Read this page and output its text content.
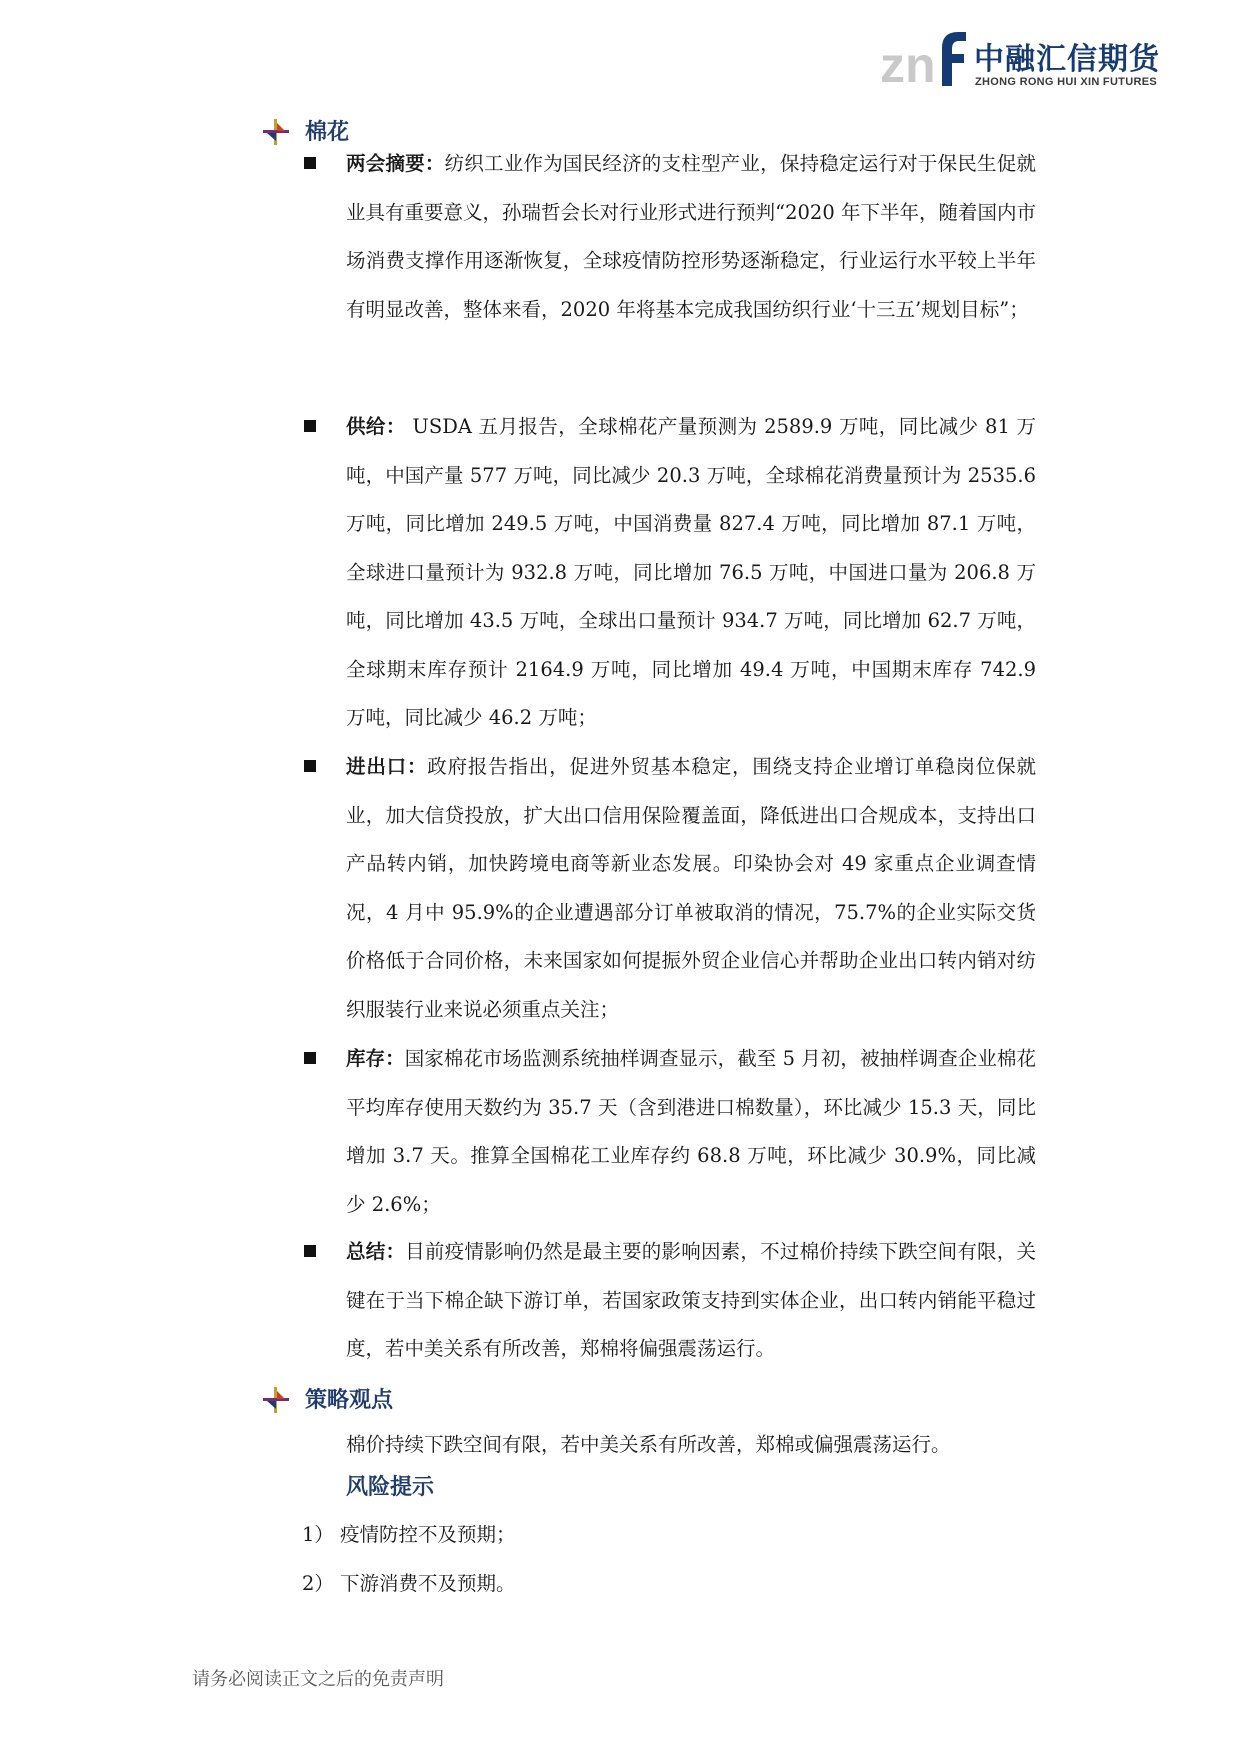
zn 中融汇信期货
ZHONG RONG HUI XIN FUTURES
棉花

两会摘要：纺织工业作为国民经济的支柱型产业，保持稳定运行对于保民生促就业具有重要意义，孙瑞哲会长对行业形式进行预判“2020 年下半年，随着国内市场消费支撑作用逐渐恢复，全球疫情防控形势逐渐稳定，行业运行水平较上半年有明显改善，整体来看，2020 年将基本完成我国纺织行业‘十三五’规划目标”；

供给： USDA 五月报告，全球棉花产量预测为 2589.9 万吨，同比减少 81 万吨，中国产量 577 万吨，同比减少 20.3 万吨，全球棉花消费量预计为 2535.6 万吨，同比增加 249.5 万吨，中国消费量 827.4 万吨，同比增加 87.1 万吨，全球进口量预计为 932.8 万吨，同比增加 76.5 万吨，中国进口量为 206.8 万吨，同比增加 43.5 万吨，全球出口量预计 934.7 万吨，同比增加 62.7 万吨，全球期末库存预计 2164.9 万吨，同比增加 49.4 万吨，中国期末库存 742.9 万吨，同比减少 46.2 万吨；

进出口：政府报告指出，促进外贸基本稳定，围绕支持企业增订单稳岗位保就业，加大信贷投放，扩大出口信用保险覆盖面，降低进出口合规成本，支持出口产品转内销，加快跨境电商等新业态发展。印染协会对 49 家重点企业调查情况，4 月中 95.9%的企业遭遇部分订单被取消的情况，75.7%的企业实际交货价格低于合同价格，未来国家如何提振外贸企业信心并帮助企业出口转内销对纺织服装行业来说必须重点关注；

库存：国家棉花市场监测系统抽样调查显示，截至 5 月初，被抽样调查企业棉花平均库存使用天数约为 35.7 天（含到港进口棉数量），环比减少 15.3 天，同比增加 3.7 天。推算全国棉花工业库存约 68.8 万吨，环比减少 30.9%，同比减少 2.6%；

总结：目前疫情影响仍然是最主要的影响因素，不过棉价持续下跌空间有限，关键在于当下棉企缺下游订单，若国家政策支持到实体企业，出口转内销能平稳过度，若中美关系有所改善，郑棉将偏强震荡运行。

策略观点

棉价持续下跌空间有限，若中美关系有所改善，郑棉或偏强震荡运行。

风险提示
1） 疫情防控不及预期；
2） 下游消费不及预期。
请务必阅读正文之后的免责声明
